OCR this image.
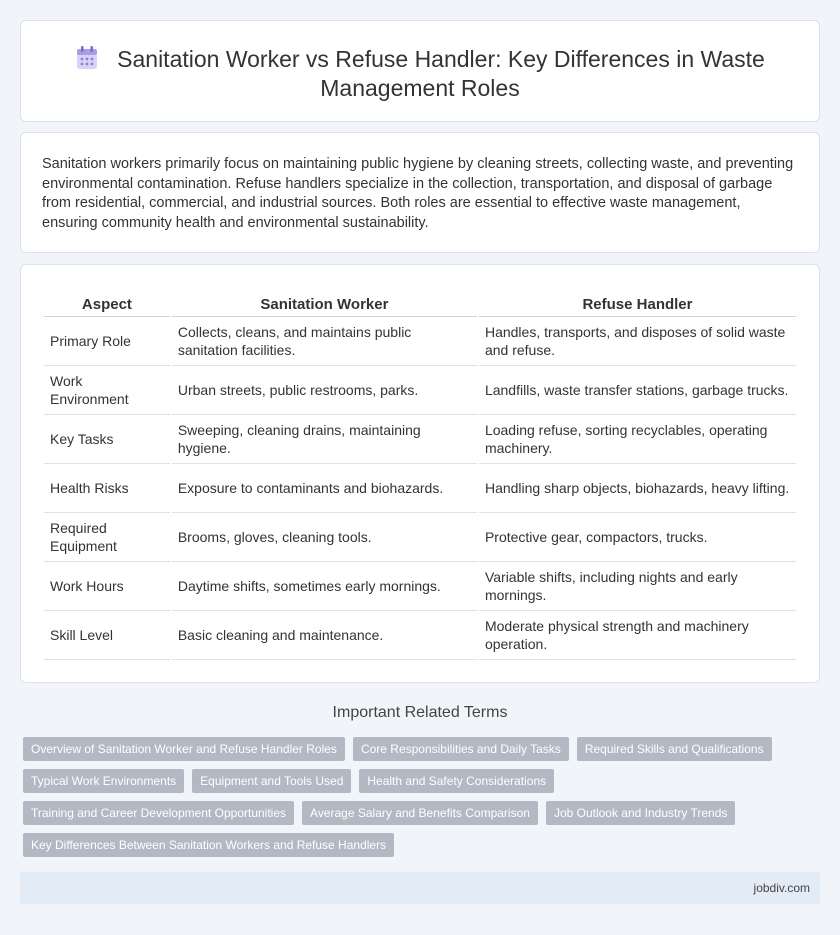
Sanitation Worker vs Refuse Handler: Key Differences in Waste Management Roles

Sanitation workers primarily focus on maintaining public hygiene by cleaning streets, collecting waste, and preventing environmental contamination. Refuse handlers specialize in the collection, transportation, and disposal of garbage from residential, commercial, and industrial sources. Both roles are essential to effective waste management, ensuring community health and environmental sustainability.

Aspect	Sanitation Worker	Refuse Handler
Primary Role	Collects, cleans, and maintains public sanitation facilities.	Handles, transports, and disposes of solid waste and refuse.
Work Environment	Urban streets, public restrooms, parks.	Landfills, waste transfer stations, garbage trucks.
Key Tasks	Sweeping, cleaning drains, maintaining hygiene.	Loading refuse, sorting recyclables, operating machinery.
Health Risks	Exposure to contaminants and biohazards.	Handling sharp objects, biohazards, heavy lifting.
Required Equipment	Brooms, gloves, cleaning tools.	Protective gear, compactors, trucks.
Work Hours	Daytime shifts, sometimes early mornings.	Variable shifts, including nights and early mornings.
Skill Level	Basic cleaning and maintenance.	Moderate physical strength and machinery operation.
Important Related Terms
Overview of Sanitation Worker and Refuse Handler Roles	Core Responsibilities and Daily Tasks	Required Skills and Qualifications
Typical Work Environments	Equipment and Tools Used	Health and Safety Considerations
Training and Career Development Opportunities	Average Salary and Benefits Comparison	Job Outlook and Industry Trends
Key Differences Between Sanitation Workers and Refuse Handlers
jobdiv.com
